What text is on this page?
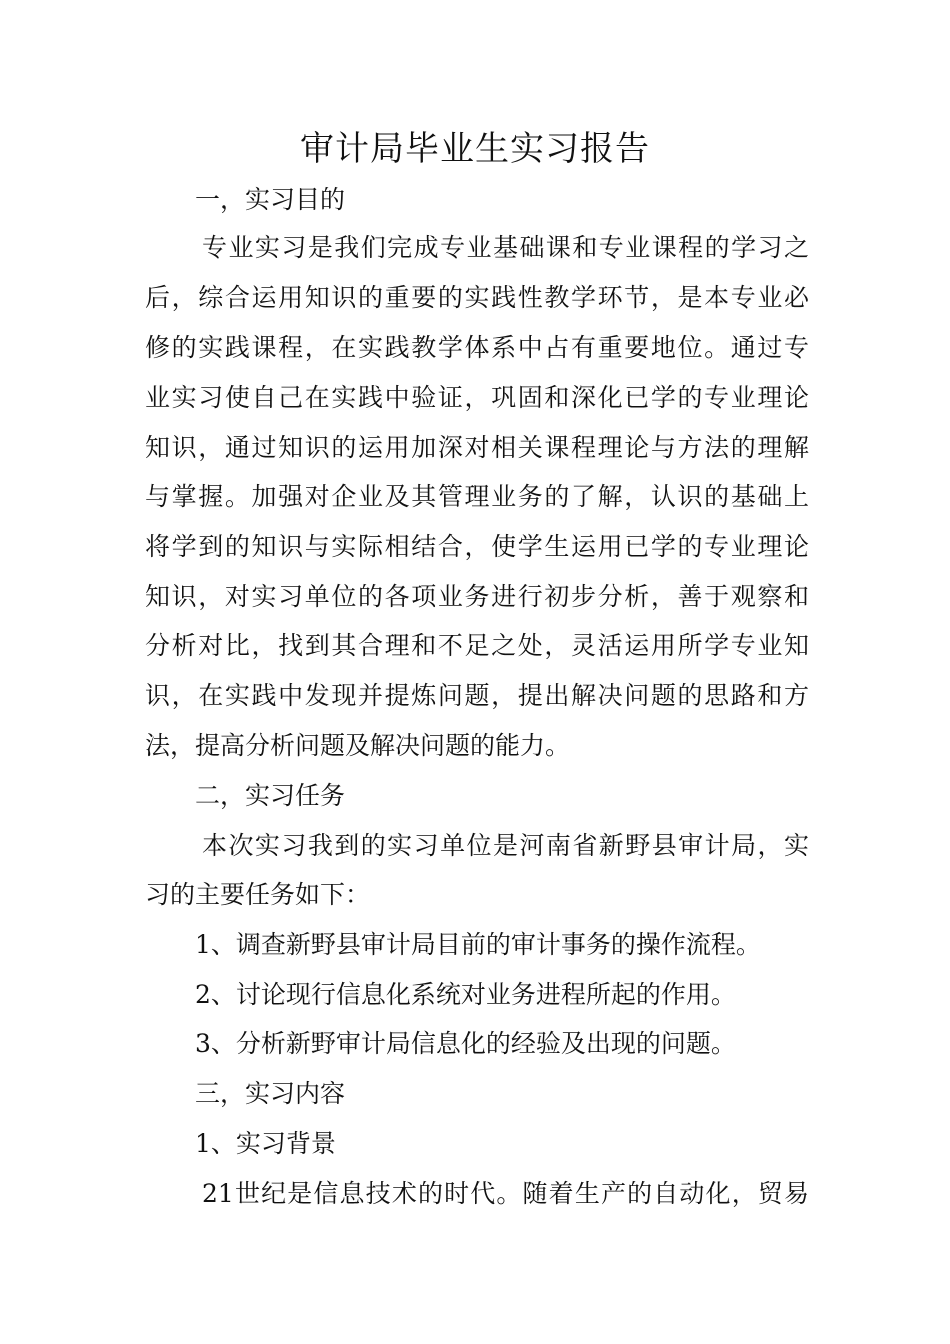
审计局毕业生实习报告

一，实习目的

专业实习是我们完成专业基础课和专业课程的学习之

后，综合运用知识的重要的实践性教学环节，是本专业必

修的实践课程，在实践教学体系中占有重要地位。通过专

业实习使自己在实践中验证，巩固和深化已学的专业理论

知识，通过知识的运用加深对相关课程理论与方法的理解

与掌握。加强对企业及其管理业务的了解，认识的基础上

将学到的知识与实际相结合，使学生运用已学的专业理论

知识，对实习单位的各项业务进行初步分析，善于观察和

分析对比，找到其合理和不足之处，灵活运用所学专业知

识，在实践中发现并提炼问题，提出解决问题的思路和方

法，提高分析问题及解决问题的能力。

二，实习任务

本次实习我到的实习单位是河南省新野县审计局，实

习的主要任务如下：

1、调查新野县审计局目前的审计事务的操作流程。

2、讨论现行信息化系统对业务进程所起的作用。

3、分析新野审计局信息化的经验及出现的问题。

三，实习内容

1、实习背景

21世纪是信息技术的时代。随着生产的自动化，贸易
